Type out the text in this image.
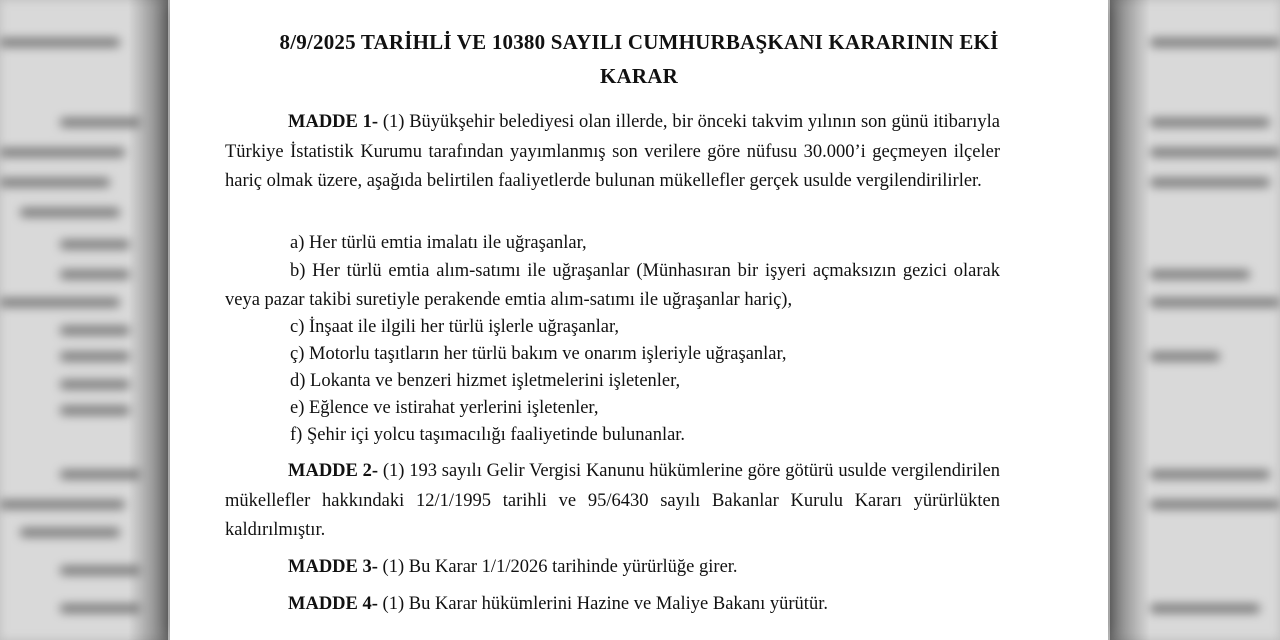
8/9/2025 TARİHLİ VE 10380 SAYILI CUMHURBAŞKANI KARARININ EKİ
KARAR
MADDE 1- (1) Büyükşehir belediyesi olan illerde, bir önceki takvim yılının son günü itibarıyla Türkiye İstatistik Kurumu tarafından yayımlanmış son verilere göre nüfusu 30.000’i geçmeyen ilçeler hariç olmak üzere, aşağıda belirtilen faaliyetlerde bulunan mükellefler gerçek usulde vergilendirilirler.
a) Her türlü emtia imalatı ile uğraşanlar,
b) Her türlü emtia alım-satımı ile uğraşanlar (Münhasıran bir işyeri açmaksızın gezici olarak veya pazar takibi suretiyle perakende emtia alım-satımı ile uğraşanlar hariç),
c) İnşaat ile ilgili her türlü işlerle uğraşanlar,
ç) Motorlu taşıtların her türlü bakım ve onarım işleriyle uğraşanlar,
d) Lokanta ve benzeri hizmet işletmelerini işletenler,
e) Eğlence ve istirahat yerlerini işletenler,
f) Şehir içi yolcu taşımacılığı faaliyetinde bulunanlar.
MADDE 2- (1) 193 sayılı Gelir Vergisi Kanunu hükümlerine göre götürü usulde vergilendirilen mükellefler hakkındaki 12/1/1995 tarihli ve 95/6430 sayılı Bakanlar Kurulu Kararı yürürlükten kaldırılmıştır.
MADDE 3- (1) Bu Karar 1/1/2026 tarihinde yürürlüğe girer.
MADDE 4- (1) Bu Karar hükümlerini Hazine ve Maliye Bakanı yürütür.
